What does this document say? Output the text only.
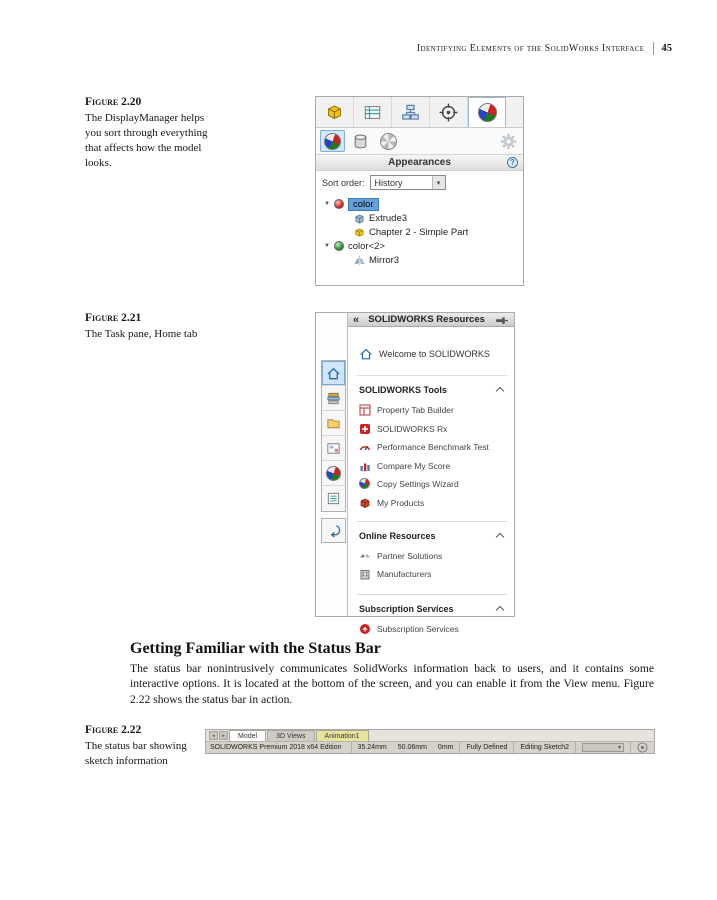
Identifying Elements of the SolidWorks Interface 45
Figure 2.20
The DisplayManager helps you sort through everything that affects how the model looks.	Appearances	?
Sort order: History	▾
▼	color
Extrude3
Chapter 2 - Simple Part
▼ color<2>
Mirror3
Figure 2.21
The Task pane, Home tab
« SOLIDWORKS Resources
Welcome to SOLIDWORKS
SOLIDWORKS Tools
Property Tab Builder
SOLIDWORKS Rx
Performance Benchmark Test
Compare My Score
Copy Settings Wizard
My Products
Online Resources
Partner Solutions
Manufacturers
Subscription Services
Subscription Services
Getting Familiar with the Status Bar

The status bar nonintrusively communicates SolidWorks information back to users, and it contains some interactive options. It is located at the bottom of the screen, and you can enable it from the View menu. Figure 2.22 shows the status bar in action.

Figure 2.22
The status bar showing sketch information
◂	▸	Model	3D Views	Animation1
SOLIDWORKS Premium 2018 x64 Edition 35.24mm 50.06mm 0mm	Fully Defined	Editing Sketch2	▾
